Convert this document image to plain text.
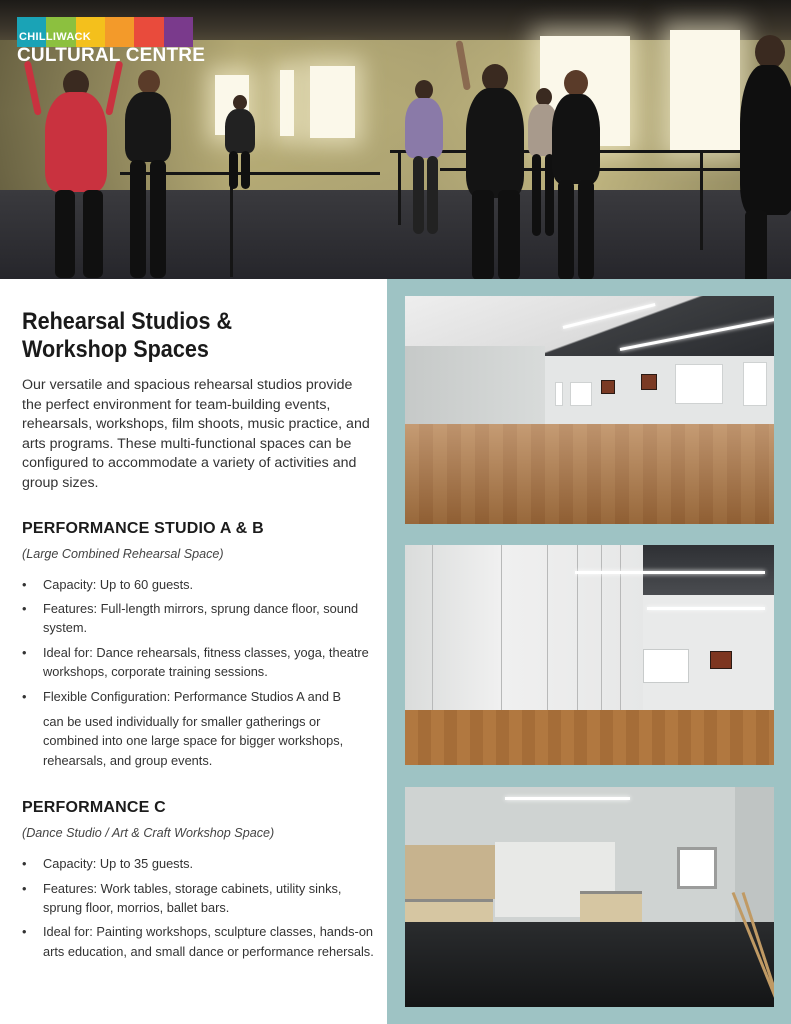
CHILLIWACK
CULTURAL CENTRE
Rehearsal Studios &
Workshop Spaces

Our versatile and spacious rehearsal studios provide the perfect environment for team-building events, rehearsals, workshops, film shoots, music practice, and arts programs. These multi-functional spaces can be configured to accommodate a variety of activities and group sizes.

PERFORMANCE STUDIO A & B
(Large Combined Rehearsal Space)
• Capacity: Up to 60 guests.
• Features: Full-length mirrors, sprung dance floor, sound system.
• Ideal for: Dance rehearsals, fitness classes, yoga, theatre workshops, corporate training sessions.
• Flexible Configuration: Performance Studios A and B
can be used individually for smaller gatherings or combined into one large space for bigger workshops, rehearsals, and group events.
PERFORMANCE C
(Dance Studio / Art & Craft Workshop Space)
• Capacity: Up to 35 guests.
• Features: Work tables, storage cabinets, utility sinks, sprung floor, morrios, ballet bars.
• Ideal for: Painting workshops, sculpture classes, hands-on arts education, and small dance or performance rehersals.
